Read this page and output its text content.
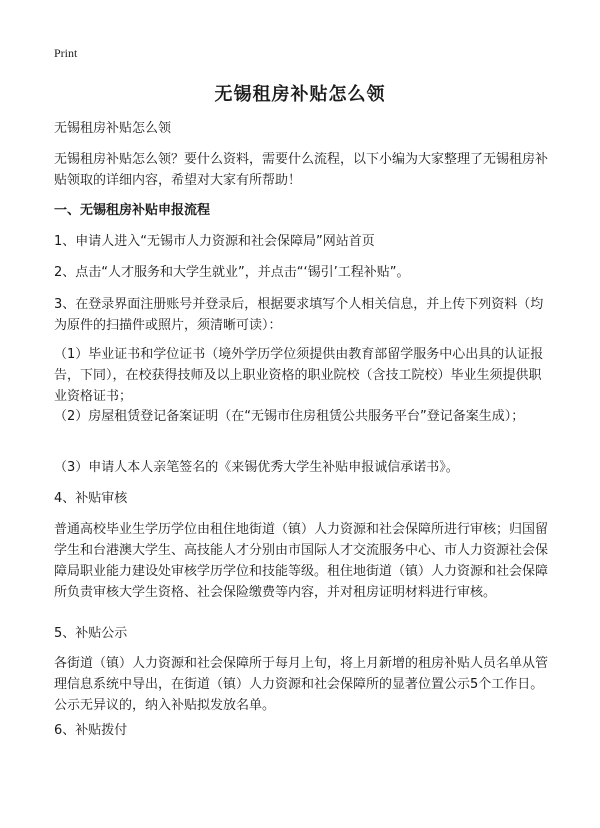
Print
无锡租房补贴怎么领

无锡租房补贴怎么领

无锡租房补贴怎么领？要什么资料，需要什么流程，以下小编为大家整理了无锡租房补贴领取的详细内容，希望对大家有所帮助！

一、无锡租房补贴申报流程

1、申请人进入“无锡市人力资源和社会保障局”网站首页

2、点击“人才服务和大学生就业”，并点击“‘锡引’工程补贴”。

3、在登录界面注册账号并登录后，根据要求填写个人相关信息，并上传下列资料（均为原件的扫描件或照片，须清晰可读）：

（1）毕业证书和学位证书（境外学历学位须提供由教育部留学服务中心出具的认证报告，下同），在校获得技师及以上职业资格的职业院校（含技工院校）毕业生须提供职业资格证书；

（2）房屋租赁登记备案证明（在“无锡市住房租赁公共服务平台”登记备案生成）；

（3）申请人本人亲笔签名的《来锡优秀大学生补贴申报诚信承诺书》。

4、补贴审核

普通高校毕业生学历学位由租住地街道（镇）人力资源和社会保障所进行审核；归国留学生和台港澳大学生、高技能人才分别由市国际人才交流服务中心、市人力资源社会保障局职业能力建设处审核学历学位和技能等级。租住地街道（镇）人力资源和社会保障所负责审核大学生资格、社会保险缴费等内容，并对租房证明材料进行审核。

5、补贴公示

各街道（镇）人力资源和社会保障所于每月上旬，将上月新增的租房补贴人员名单从管理信息系统中导出，在街道（镇）人力资源和社会保障所的显著位置公示5个工作日。公示无异议的，纳入补贴拟发放名单。

6、补贴拨付
